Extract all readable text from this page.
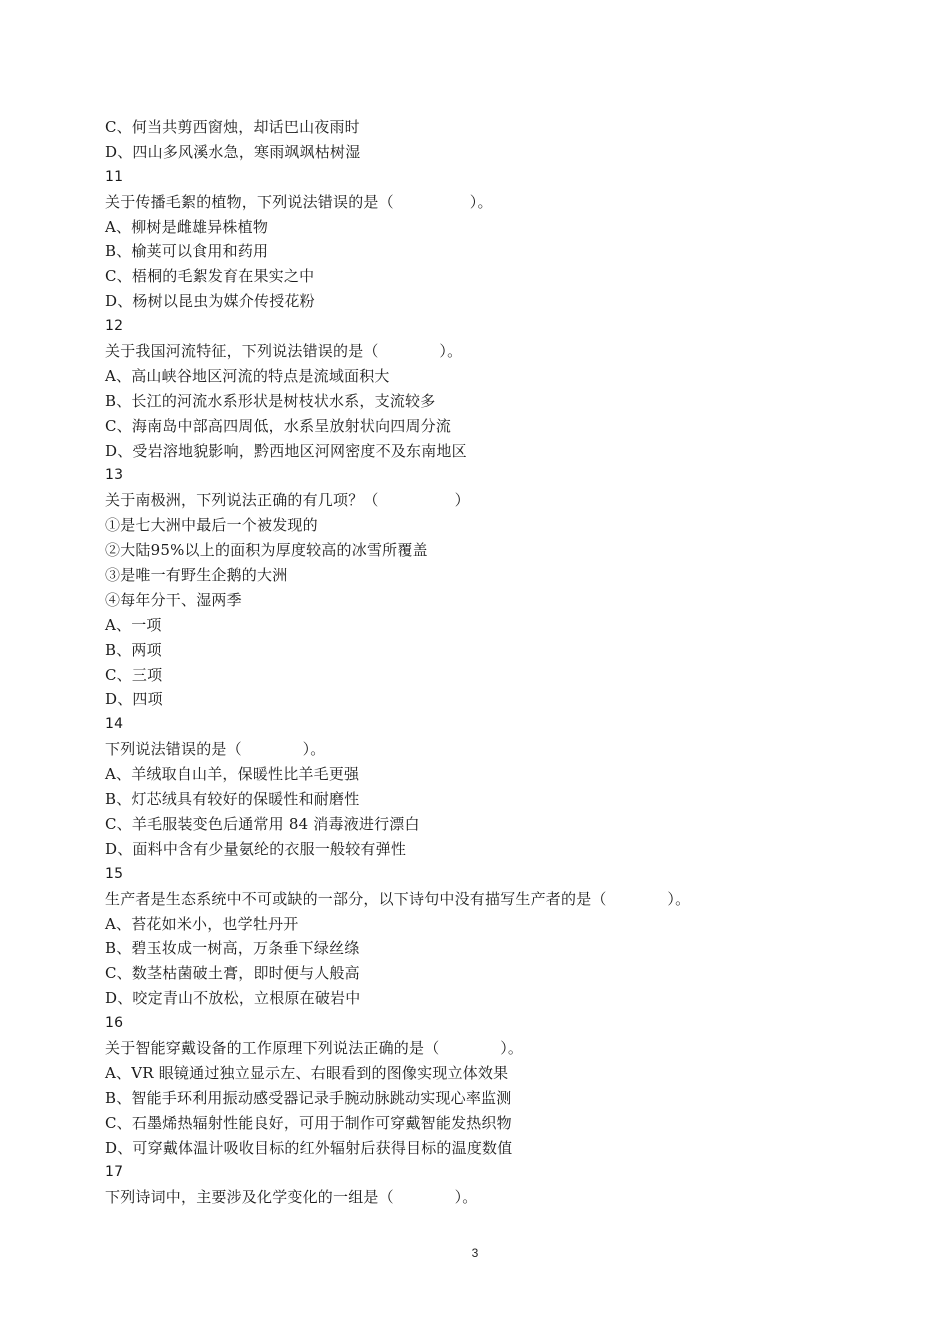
C、何当共剪西窗烛，却话巴山夜雨时
D、四山多风溪水急，寒雨飒飒枯树湿
11
关于传播毛絮的植物，下列说法错误的是（　　　　　）。
A、柳树是雌雄异株植物
B、榆荚可以食用和药用
C、梧桐的毛絮发育在果实之中
D、杨树以昆虫为媒介传授花粉
12
关于我国河流特征，下列说法错误的是（　　　　）。
A、高山峡谷地区河流的特点是流域面积大
B、长江的河流水系形状是树枝状水系，支流较多
C、海南岛中部高四周低，水系呈放射状向四周分流
D、受岩溶地貌影响，黔西地区河网密度不及东南地区
13
关于南极洲，下列说法正确的有几项？（　　　　　）
①是七大洲中最后一个被发现的
②大陆95%以上的面积为厚度较高的冰雪所覆盖
③是唯一有野生企鹅的大洲
④每年分干、湿两季
A、一项
B、两项
C、三项
D、四项
14
下列说法错误的是（　　　　）。
A、羊绒取自山羊，保暖性比羊毛更强
B、灯芯绒具有较好的保暖性和耐磨性
C、羊毛服装变色后通常用 84 消毒液进行漂白
D、面料中含有少量氨纶的衣服一般较有弹性
15
生产者是生态系统中不可或缺的一部分，以下诗句中没有描写生产者的是（　　　　）。
A、苔花如米小，也学牡丹开
B、碧玉妆成一树高，万条垂下绿丝绦
C、数茎枯菌破土膏，即时便与人般高
D、咬定青山不放松，立根原在破岩中
16
关于智能穿戴设备的工作原理下列说法正确的是（　　　　）。
A、VR 眼镜通过独立显示左、右眼看到的图像实现立体效果
B、智能手环利用振动感受器记录手腕动脉跳动实现心率监测
C、石墨烯热辐射性能良好，可用于制作可穿戴智能发热织物
D、可穿戴体温计吸收目标的红外辐射后获得目标的温度数值
17
下列诗词中，主要涉及化学变化的一组是（　　　　）。
3
